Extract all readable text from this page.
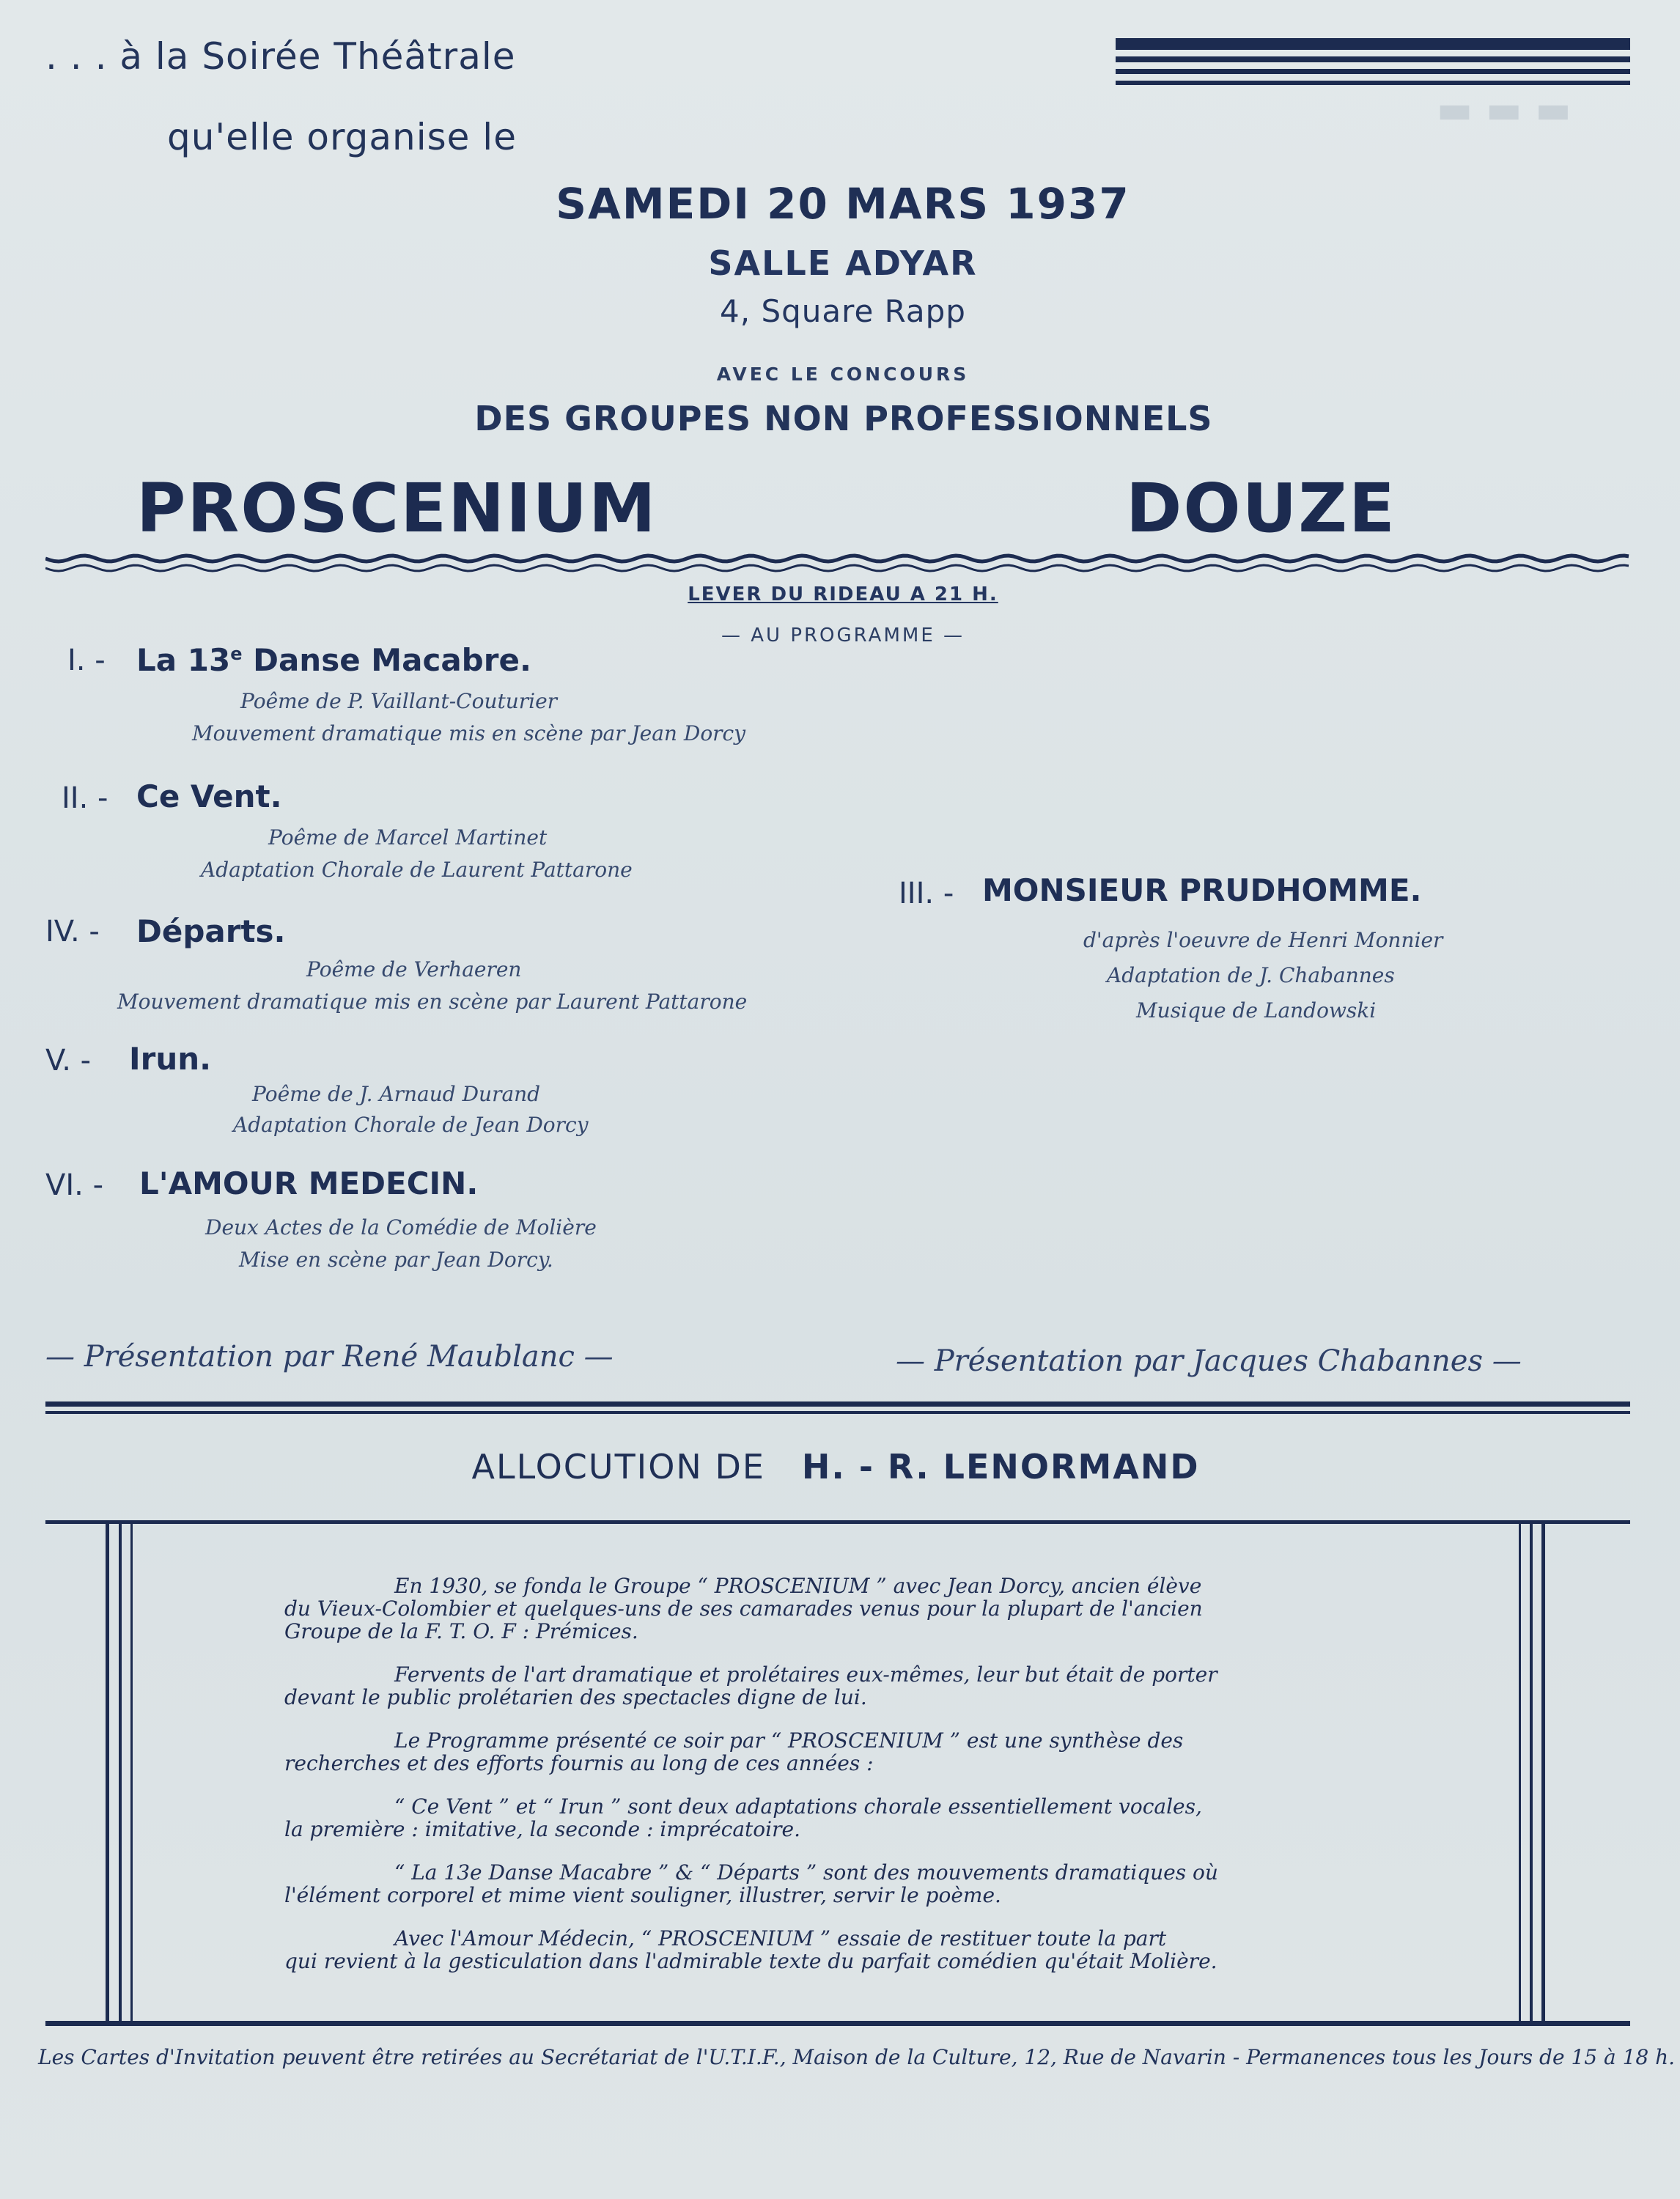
▬ ▬ ▬
. . . à la Soirée Théâtrale
qu'elle organise le
SAMEDI 20 MARS 1937
SALLE ADYAR
4, Square Rapp
AVEC LE CONCOURS
DES GROUPES NON PROFESSIONNELS
PROSCENIUM	DOUZE
LEVER DU RIDEAU A 21 H.
— AU PROGRAMME —
I. - La 13e Danse Macabre.
Poême de P. Vaillant-Couturier
Mouvement dramatique mis en scène par Jean Dorcy
II. - Ce Vent.
Poême de Marcel Martinet
Adaptation Chorale de Laurent Pattarone
IV. - Départs.
Poême de Verhaeren
Mouvement dramatique mis en scène par Laurent Pattarone
V. - Irun.
Poême de J. Arnaud Durand
Adaptation Chorale de Jean Dorcy
VI. - L'AMOUR MEDECIN.
Deux Actes de la Comédie de Molière
Mise en scène par Jean Dorcy.
III. - MONSIEUR PRUDHOMME.
d'après l'oeuvre de Henri Monnier
Adaptation de J. Chabannes
Musique de Landowski
— Présentation par René Maublanc —	— Présentation par Jacques Chabannes —
ALLOCUTION DE H. - R. LENORMAND
En 1930, se fonda le Groupe “ PROSCENIUM ” avec Jean Dorcy, ancien élève
du Vieux-Colombier et quelques-uns de ses camarades venus pour la plupart de l'ancien
Groupe de la F. T. O. F : Prémices.
Fervents de l'art dramatique et prolétaires eux-mêmes, leur but était de porter
devant le public prolétarien des spectacles digne de lui.
Le Programme présenté ce soir par “ PROSCENIUM ” est une synthèse des
recherches et des efforts fournis au long de ces années :
“ Ce Vent ” et “ Irun ” sont deux adaptations chorale essentiellement vocales,
la première : imitative, la seconde : imprécatoire.
“ La 13e Danse Macabre ” & “ Départs ” sont des mouvements dramatiques où
l'élément corporel et mime vient souligner, illustrer, servir le poème.
Avec l'Amour Médecin, “ PROSCENIUM ” essaie de restituer toute la part
qui revient à la gesticulation dans l'admirable texte du parfait comédien qu'était Molière.
Les Cartes d'Invitation peuvent être retirées au Secrétariat de l'U.T.I.F., Maison de la Culture, 12, Rue de Navarin - Permanences tous les Jours de 15 à 18 h.
